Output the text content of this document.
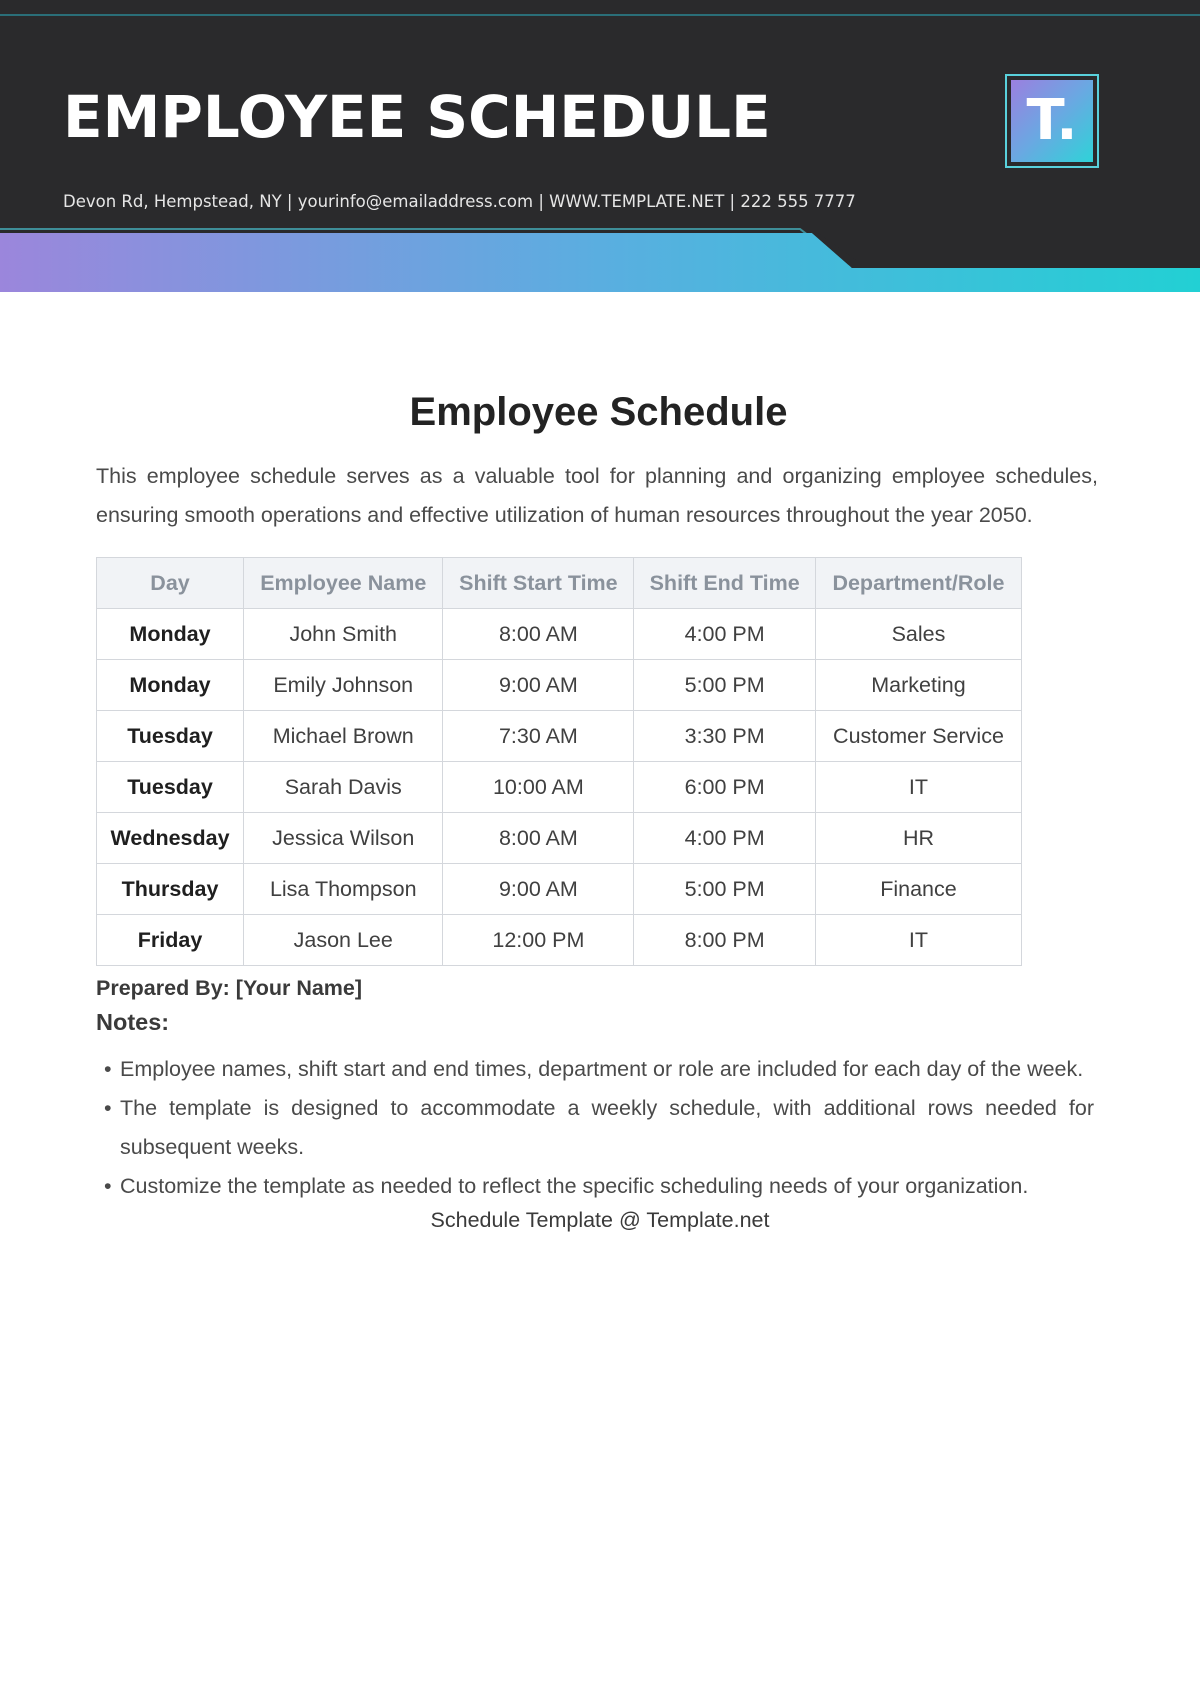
EMPLOYEE SCHEDULE
Devon Rd, Hempstead, NY | yourinfo@emailaddress.com | WWW.TEMPLATE.NET | 222 555 7777
T.
Employee Schedule

This employee schedule serves as a valuable tool for planning and organizing employee schedules, ensuring smooth operations and effective utilization of human resources throughout the year 2050.

Day	Employee Name	Shift Start Time	Shift End Time	Department/Role
Monday	John Smith	8:00 AM	4:00 PM	Sales
Monday	Emily Johnson	9:00 AM	5:00 PM	Marketing
Tuesday	Michael Brown	7:30 AM	3:30 PM	Customer Service
Tuesday	Sarah Davis	10:00 AM	6:00 PM	IT
Wednesday	Jessica Wilson	8:00 AM	4:00 PM	HR
Thursday	Lisa Thompson	9:00 AM	5:00 PM	Finance
Friday	Jason Lee	12:00 PM	8:00 PM	IT
Prepared By: [Your Name]
Notes:
• Employee names, shift start and end times, department or role are included for each day of the week.
• The template is designed to accommodate a weekly schedule, with additional rows needed for subsequent weeks.
• Customize the template as needed to reflect the specific scheduling needs of your organization.
Schedule Template @ Template.net
